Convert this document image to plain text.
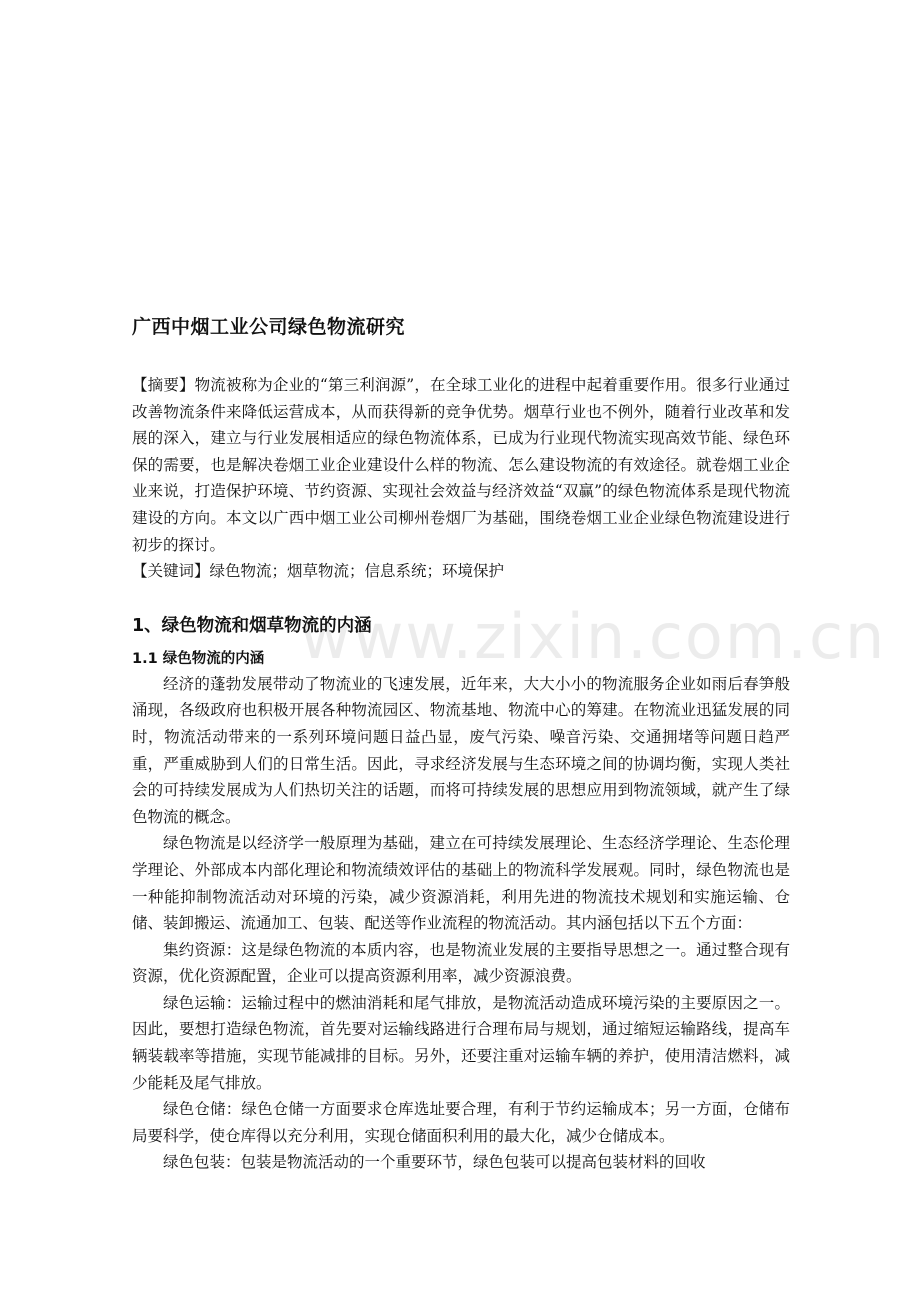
www.zixin.com.cn
广西中烟工业公司绿色物流研究

【摘要】物流被称为企业的“第三利润源”，在全球工业化的进程中起着重要作用。很多行业通过改善物流条件来降低运营成本，从而获得新的竞争优势。烟草行业也不例外，随着行业改革和发展的深入，建立与行业发展相适应的绿色物流体系，已成为行业现代物流实现高效节能、绿色环保的需要，也是解决卷烟工业企业建设什么样的物流、怎么建设物流的有效途径。就卷烟工业企业来说，打造保护环境、节约资源、实现社会效益与经济效益“双赢”的绿色物流体系是现代物流建设的方向。本文以广西中烟工业公司柳州卷烟厂为基础，围绕卷烟工业企业绿色物流建设进行初步的探讨。

【关键词】绿色物流；烟草物流；信息系统；环境保护

1、绿色物流和烟草物流的内涵
1.1 绿色物流的内涵

经济的蓬勃发展带动了物流业的飞速发展，近年来，大大小小的物流服务企业如雨后春笋般涌现，各级政府也积极开展各种物流园区、物流基地、物流中心的筹建。在物流业迅猛发展的同时，物流活动带来的一系列环境问题日益凸显，废气污染、噪音污染、交通拥堵等问题日趋严重，严重威胁到人们的日常生活。因此，寻求经济发展与生态环境之间的协调均衡，实现人类社会的可持续发展成为人们热切关注的话题，而将可持续发展的思想应用到物流领域，就产生了绿色物流的概念。

绿色物流是以经济学一般原理为基础，建立在可持续发展理论、生态经济学理论、生态伦理学理论、外部成本内部化理论和物流绩效评估的基础上的物流科学发展观。同时，绿色物流也是一种能抑制物流活动对环境的污染，减少资源消耗，利用先进的物流技术规划和实施运输、仓储、装卸搬运、流通加工、包装、配送等作业流程的物流活动。其内涵包括以下五个方面：

集约资源：这是绿色物流的本质内容，也是物流业发展的主要指导思想之一。通过整合现有资源，优化资源配置，企业可以提高资源利用率，减少资源浪费。

绿色运输：运输过程中的燃油消耗和尾气排放，是物流活动造成环境污染的主要原因之一。因此，要想打造绿色物流，首先要对运输线路进行合理布局与规划，通过缩短运输路线，提高车辆装载率等措施，实现节能减排的目标。另外，还要注重对运输车辆的养护，使用清洁燃料，减少能耗及尾气排放。

绿色仓储：绿色仓储一方面要求仓库选址要合理，有利于节约运输成本；另一方面，仓储布局要科学，使仓库得以充分利用，实现仓储面积利用的最大化，减少仓储成本。

绿色包装：包装是物流活动的一个重要环节，绿色包装可以提高包装材料的回收
